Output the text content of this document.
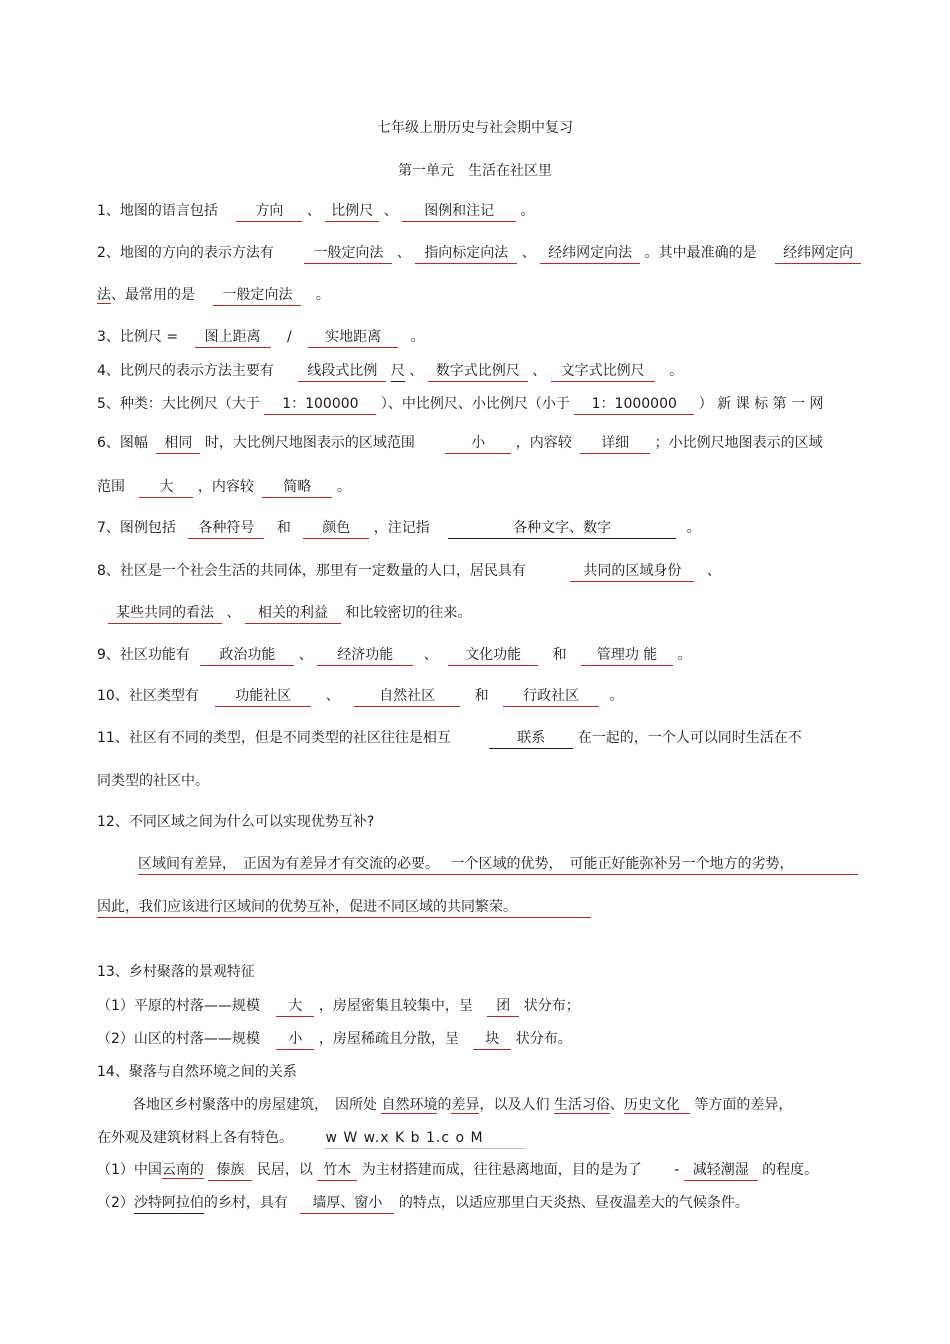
七年级上册历史与社会期中复习
第一单元　生活在社区里
1、地图的语言包括	方向 、 比例尺 、 图例和注记 。
2、地图的方向的表示方法有	一般定向法 、 指向标定向法 、 经纬网定向法 。其中最准确的是 经纬网定向
法、最常用的是 一般定向法 。
3、比例尺 = 图上距离 / 实地距离 。
4、比例尺的表示方法主要有 线段式比例 尺 、 数字式比例尺 、 文字式比例尺 。
5、种类：大比例尺（大于 1：100000 ）、中比例尺、小比例尺（小于 1：1000000 ） 新 课 标 第 一 网
6、图幅 相同 时，大比例尺地图表示的区域范围	小 ，内容较 详细 ；小比例尺地图表示的区域
范围 大 ，内容较 简略 。
7、图例包括 各种符号 和 颜色 ，注记指	各种文字、数字	。
8、社区是一个社会生活的共同体，那里有一定数量的人口，居民具有	共同的区域身份 、
某些共同的看法 、 相关的利益 和比较密切的往来。
9、社区功能有 政治功能 、 经济功能 、 文化功能 和 管理功 能 。
10、社区类型有	功能社区 、	自然社区	和 行政社区 。
11、社区有不同的类型，但是不同类型的社区往往是相互	联系 在一起的，一个人可以同时生活在不
同类型的社区中。
12、不同区域之间为什么可以实现优势互补?
区域间有差异，　正因为有差异才有交流的必要。　 一个区域的优势，　可能正好能弥补另一个地方的劣势，
因此，我们应该进行区域间的优势互补，促进不同区域的共同繁荣。
13、乡村聚落的景观特征
（1）平原的村落——规模 大 ，房屋密集且较集中，呈 团 状分布；
（2）山区的村落——规模 小 ，房屋稀疏且分散，呈 块 状分布。
14、聚落与自然环境之间的关系
各地区乡村聚落中的房屋建筑，　因所处 自然环境的差异，以及人们 生活习俗、历史文化 等方面的差异，
在外观及建筑材料上各有特色。 w W w.x K b 1.c o M
（1）中国云南的 傣族 民居，以 竹木 为主材搭建而成，往往悬离地面，目的是为了 - 减轻潮湿 的程度。
（2）沙特阿拉伯的乡村，具有 墙厚、窗小 的特点，以适应那里白天炎热、昼夜温差大的气候条件。
